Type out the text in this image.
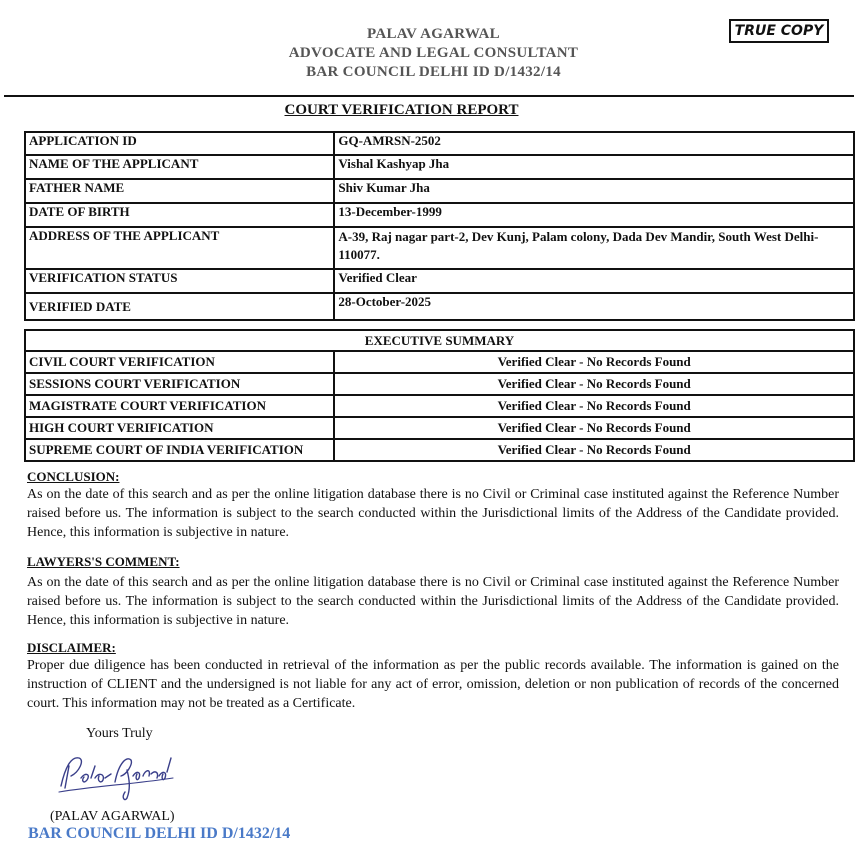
PALAV AGARWAL
ADVOCATE AND LEGAL CONSULTANT
BAR COUNCIL DELHI ID D/1432/14
TRUE COPY
COURT VERIFICATION REPORT
APPLICATION ID	GQ-AMRSN-2502
NAME OF THE APPLICANT	Vishal Kashyap Jha
FATHER NAME	Shiv Kumar Jha
DATE OF BIRTH	13-December-1999
ADDRESS OF THE APPLICANT	A-39, Raj nagar part-2, Dev Kunj, Palam colony, Dada Dev Mandir, South West Delhi-110077.
VERIFICATION STATUS	Verified Clear
VERIFIED DATE	28-October-2025
EXECUTIVE SUMMARY	
CIVIL COURT VERIFICATION	Verified Clear - No Records Found
SESSIONS COURT VERIFICATION	Verified Clear - No Records Found
MAGISTRATE COURT VERIFICATION	Verified Clear - No Records Found
HIGH COURT VERIFICATION	Verified Clear - No Records Found
SUPREME COURT OF INDIA VERIFICATION	Verified Clear - No Records Found
CONCLUSION:
As on the date of this search and as per the online litigation database there is no Civil or Criminal case instituted against the Reference Number raised before us. The information is subject to the search conducted within the Jurisdictional limits of the Address of the Candidate provided. Hence, this information is subjective in nature.
LAWYERS'S COMMENT:
As on the date of this search and as per the online litigation database there is no Civil or Criminal case instituted against the Reference Number raised before us. The information is subject to the search conducted within the Jurisdictional limits of the Address of the Candidate provided. Hence, this information is subjective in nature.
DISCLAIMER:
Proper due diligence has been conducted in retrieval of the information as per the public records available. The information is gained on the instruction of CLIENT and the undersigned is not liable for any act of error, omission, deletion or non publication of records of the concerned court. This information may not be treated as a Certificate.
Yours Truly
(PALAV AGARWAL)
BAR COUNCIL DELHI ID D/1432/14
